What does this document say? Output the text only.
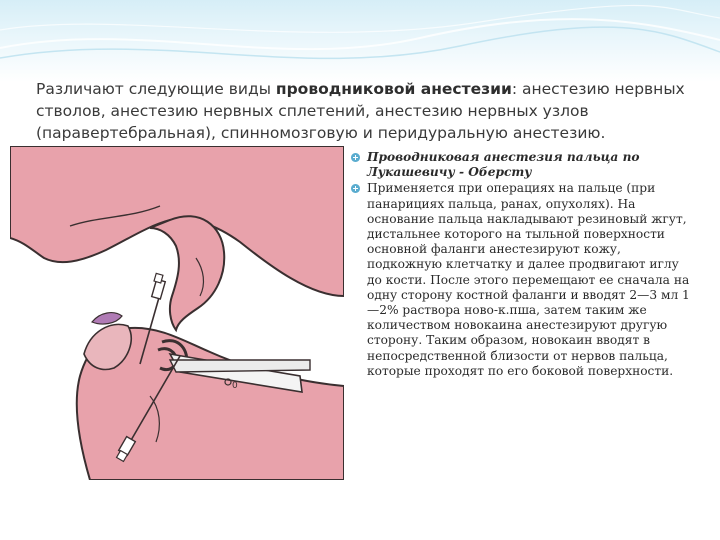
Различают следующие виды проводниковой анестезии: анестезию нервных стволов, анестезию нервных сплетений, анестезию нервных узлов (паравертебральная), спинномозговую и перидуральную анестезию.

0
Проводниковая анестезия пальца по Лукашевичу - Оберсту
Применяется при операциях на пальце (при панарициях пальца, ранах, опухолях). На основание пальца накладывают резиновый жгут, дистальнее которого на тыльной поверхности основной фаланги анестезируют кожу, подкожную клетчатку и далее продвигают иглу до кости. После этого перемещают ее сначала на одну сторону костной фаланги и вводят 2—3 мл 1—2% раствора ново-к.пша, затем таким же количеством новокаина анестезируют другую сторону. Таким образом, новокаин вводят в непосредственной близости от нервов пальца, которые проходят по его боковой поверхности.
